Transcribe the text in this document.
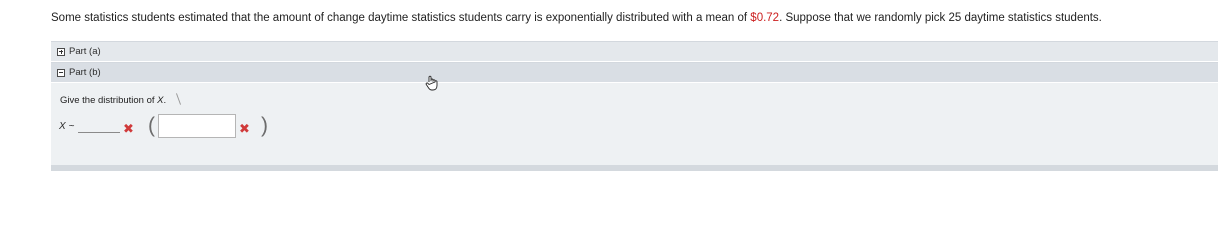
Some statistics students estimated that the amount of change daytime statistics students carry is exponentially distributed with a mean of $0.72. Suppose that we randomly pick 25 daytime statistics students.
Part (a)
Part (b)
Give the distribution of X.
X ~	✖ (	✖ )
